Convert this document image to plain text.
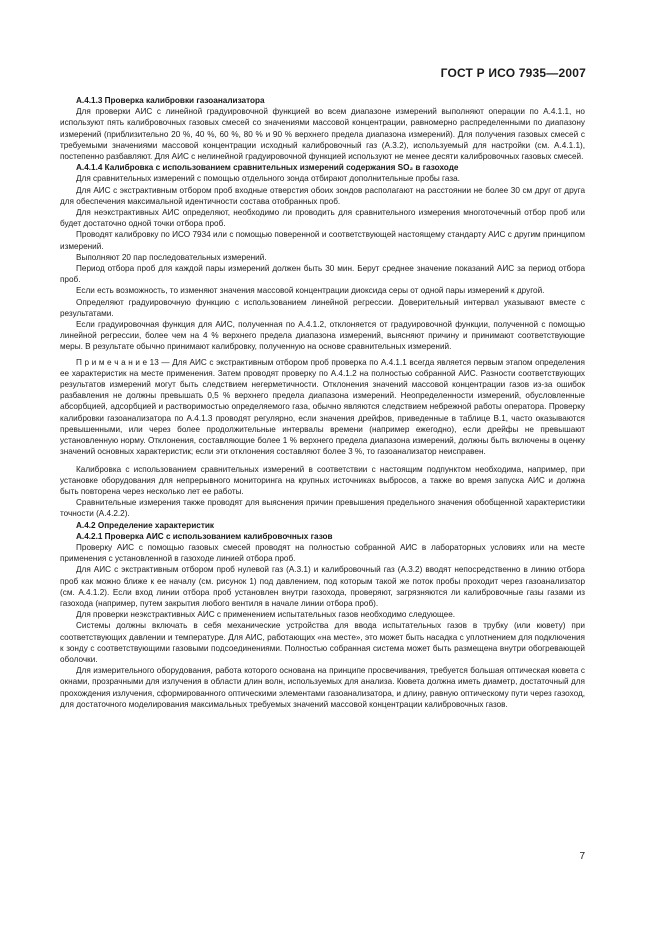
ГОСТ Р ИСО 7935—2007

А.4.1.3 Проверка калибровки газоанализатора

Для проверки АИС с линейной градуировочной функцией во всем диапазоне измерений выполняют операции по А.4.1.1, но используют пять калибровочных газовых смесей со значениями массовой концентрации, равномерно распределенными по диапазону измерений (приблизительно 20 %, 40 %, 60 %, 80 % и 90 % верхнего предела диапазона измерений). Для получения газовых смесей с требуемыми значениями массовой концентрации исходный калибровочный газ (А.3.2), используемый для настройки (см. А.4.1.1), постепенно разбавляют. Для АИС с нелинейной градуировочной функцией используют не менее десяти калибровочных газовых смесей.

А.4.1.4 Калибровка с использованием сравнительных измерений содержания SO₂ в газоходе

Для сравнительных измерений с помощью отдельного зонда отбирают дополнительные пробы газа.

Для АИС с экстрактивным отбором проб входные отверстия обоих зондов располагают на расстоянии не более 30 см друг от друга для обеспечения максимальной идентичности состава отобранных проб.

Для неэкстрактивных АИС определяют, необходимо ли проводить для сравнительного измерения многоточечный отбор проб или будет достаточно одной точки отбора проб.

Проводят калибровку по ИСО 7934 или с помощью поверенной и соответствующей настоящему стандарту АИС с другим принципом измерений.

Выполняют 20 пар последовательных измерений.

Период отбора проб для каждой пары измерений должен быть 30 мин. Берут среднее значение показаний АИС за период отбора проб.

Если есть возможность, то изменяют значения массовой концентрации диоксида серы от одной пары измерений к другой.

Определяют градуировочную функцию с использованием линейной регрессии. Доверительный интервал указывают вместе с результатами.

Если градуировочная функция для АИС, полученная по А.4.1.2, отклоняется от градуировочной функции, полученной с помощью линейной регрессии, более чем на 4 % верхнего предела диапазона измерений, выясняют причину и принимают соответствующие меры. В результате обычно принимают калибровку, полученную на основе сравнительных измерений.

П р и м е ч а н и е 13 — Для АИС с экстрактивным отбором проб проверка по А.4.1.1 всегда является первым этапом определения ее характеристик на месте применения. Затем проводят проверку по А.4.1.2 на полностью собранной АИС. Разности соответствующих результатов измерений могут быть следствием негерметичности. Отклонения значений массовой концентрации газов из-за ошибок разбавления не должны превышать 0,5 % верхнего предела диапазона измерений. Неопределенности измерений, обусловленные абсорбцией, адсорбцией и растворимостью определяемого газа, обычно являются следствием небрежной работы оператора. Проверку калибровки газоанализатора по А.4.1.3 проводят регулярно, если значения дрейфов, приведенные в таблице В.1, часто оказываются превышенными, или через более продолжительные интервалы времени (например ежегодно), если дрейфы не превышают установленную норму. Отклонения, составляющие более 1 % верхнего предела диапазона измерений, должны быть включены в оценку значений основных характеристик; если эти отклонения составляют более 3 %, то газоанализатор неисправен.

Калибровка с использованием сравнительных измерений в соответствии с настоящим подпунктом необходима, например, при установке оборудования для непрерывного мониторинга на крупных источниках выбросов, а также во время запуска АИС и должна быть повторена через несколько лет ее работы.

Сравнительные измерения также проводят для выяснения причин превышения предельного значения обобщенной характеристики точности (А.4.2.2).

А.4.2 Определение характеристик

А.4.2.1 Проверка АИС с использованием калибровочных газов

Проверку АИС с помощью газовых смесей проводят на полностью собранной АИС в лабораторных условиях или на месте применения с установленной в газоходе линией отбора проб.

Для АИС с экстрактивным отбором проб нулевой газ (А.3.1) и калибровочный газ (А.3.2) вводят непосредственно в линию отбора проб как можно ближе к ее началу (см. рисунок 1) под давлением, под которым такой же поток пробы проходит через газоанализатор (см. А.4.1.2). Если вход линии отбора проб установлен внутри газохода, проверяют, загрязняются ли калибровочные газы газами из газохода (например, путем закрытия любого вентиля в начале линии отбора проб).

Для проверки неэкстрактивных АИС с применением испытательных газов необходимо следующее.

Системы должны включать в себя механические устройства для ввода испытательных газов в трубку (или кювету) при соответствующих давлении и температуре. Для АИС, работающих «на месте», это может быть насадка с уплотнением для подключения к зонду с соответствующими газовыми подсоединениями. Полностью собранная система может быть размещена внутри обогревающей оболочки.

Для измерительного оборудования, работа которого основана на принципе просвечивания, требуется большая оптическая кювета с окнами, прозрачными для излучения в области длин волн, используемых для анализа. Кювета должна иметь диаметр, достаточный для прохождения излучения, сформированного оптическими элементами газоанализатора, и длину, равную оптическому пути через газоход, для достаточного моделирования максимальных требуемых значений массовой концентрации калибровочных газов.

7
